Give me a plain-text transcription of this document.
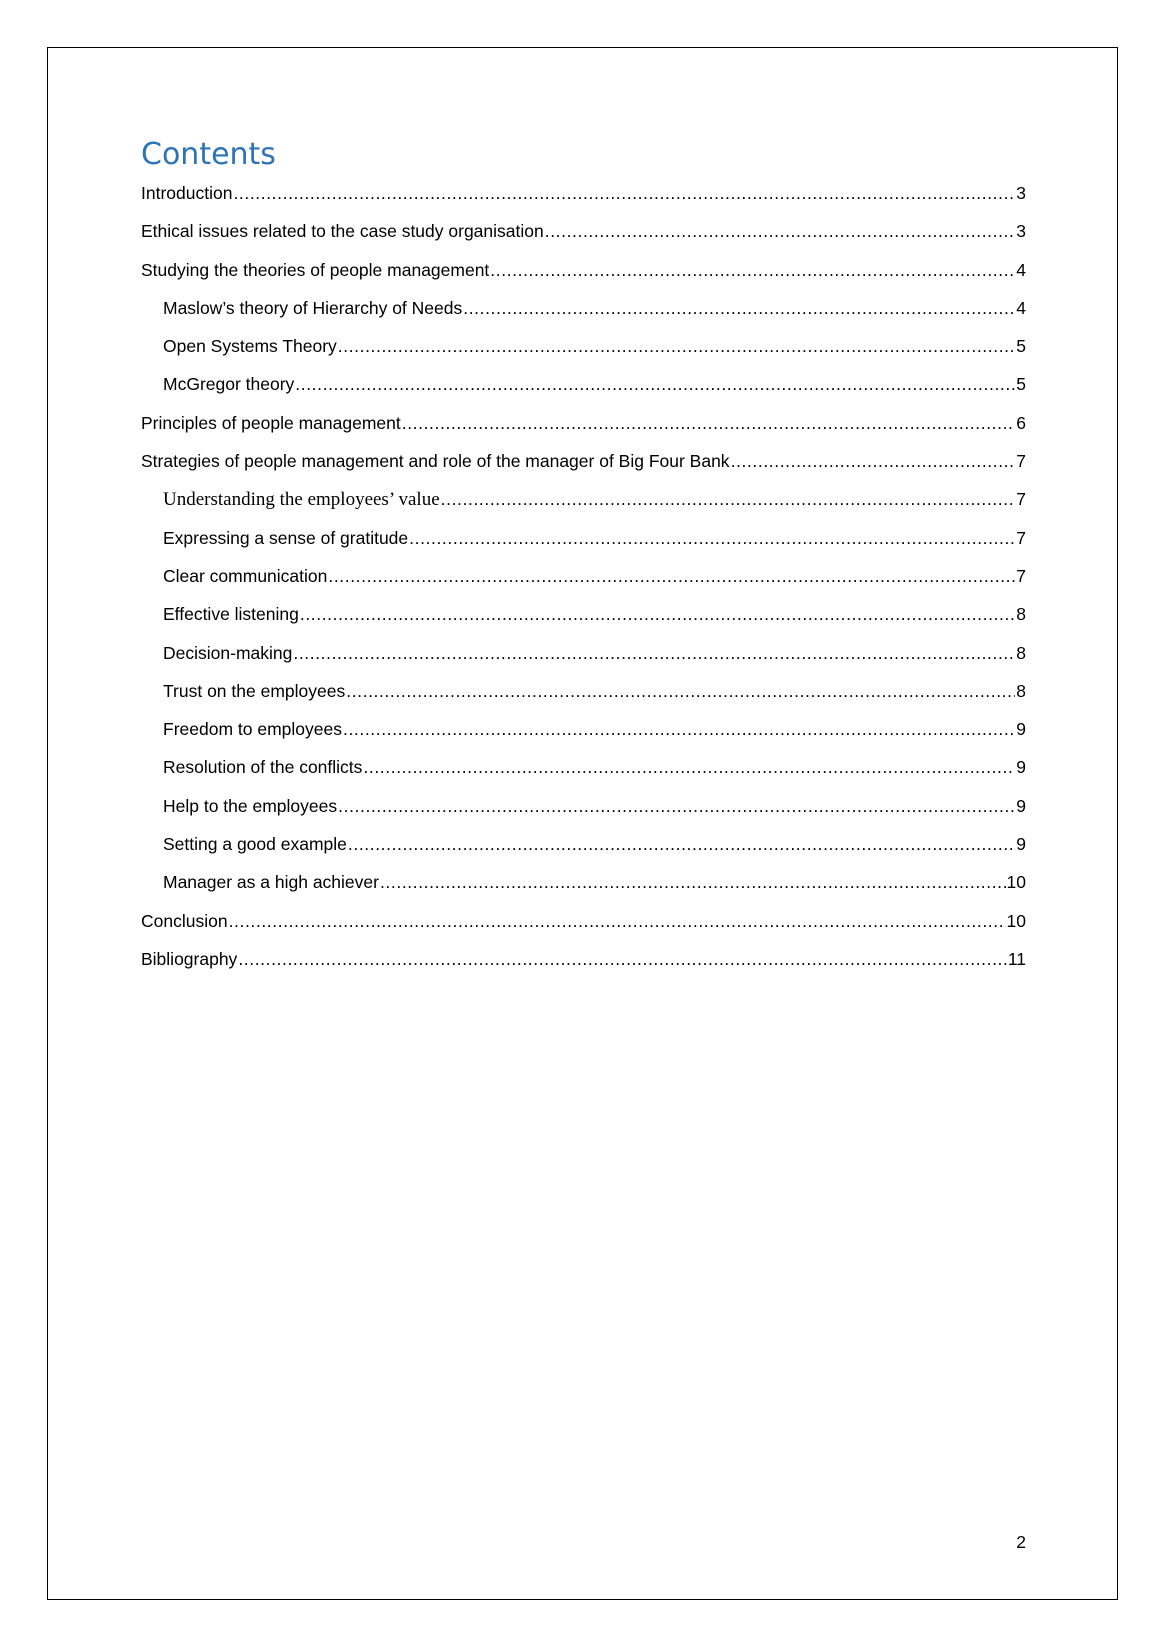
Contents
Introduction .....	3
Ethical issues related to the case study organisation .....	3
Studying the theories of people management .....	4
Maslow’s theory of Hierarchy of Needs .....	4
Open Systems Theory .....	5
McGregor theory .....	5
Principles of people management .....	6
Strategies of people management and role of the manager of Big Four Bank .....	7
Understanding the employees’ value .....	7
Expressing a sense of gratitude .....	7
Clear communication .....	7
Effective listening .....	8
Decision-making .....	8
Trust on the employees .....	8
Freedom to employees .....	9
Resolution of the conflicts .....	9
Help to the employees .....	9
Setting a good example .....	9
Manager as a high achiever .....	10
Conclusion .....	10
Bibliography .....	11
2
